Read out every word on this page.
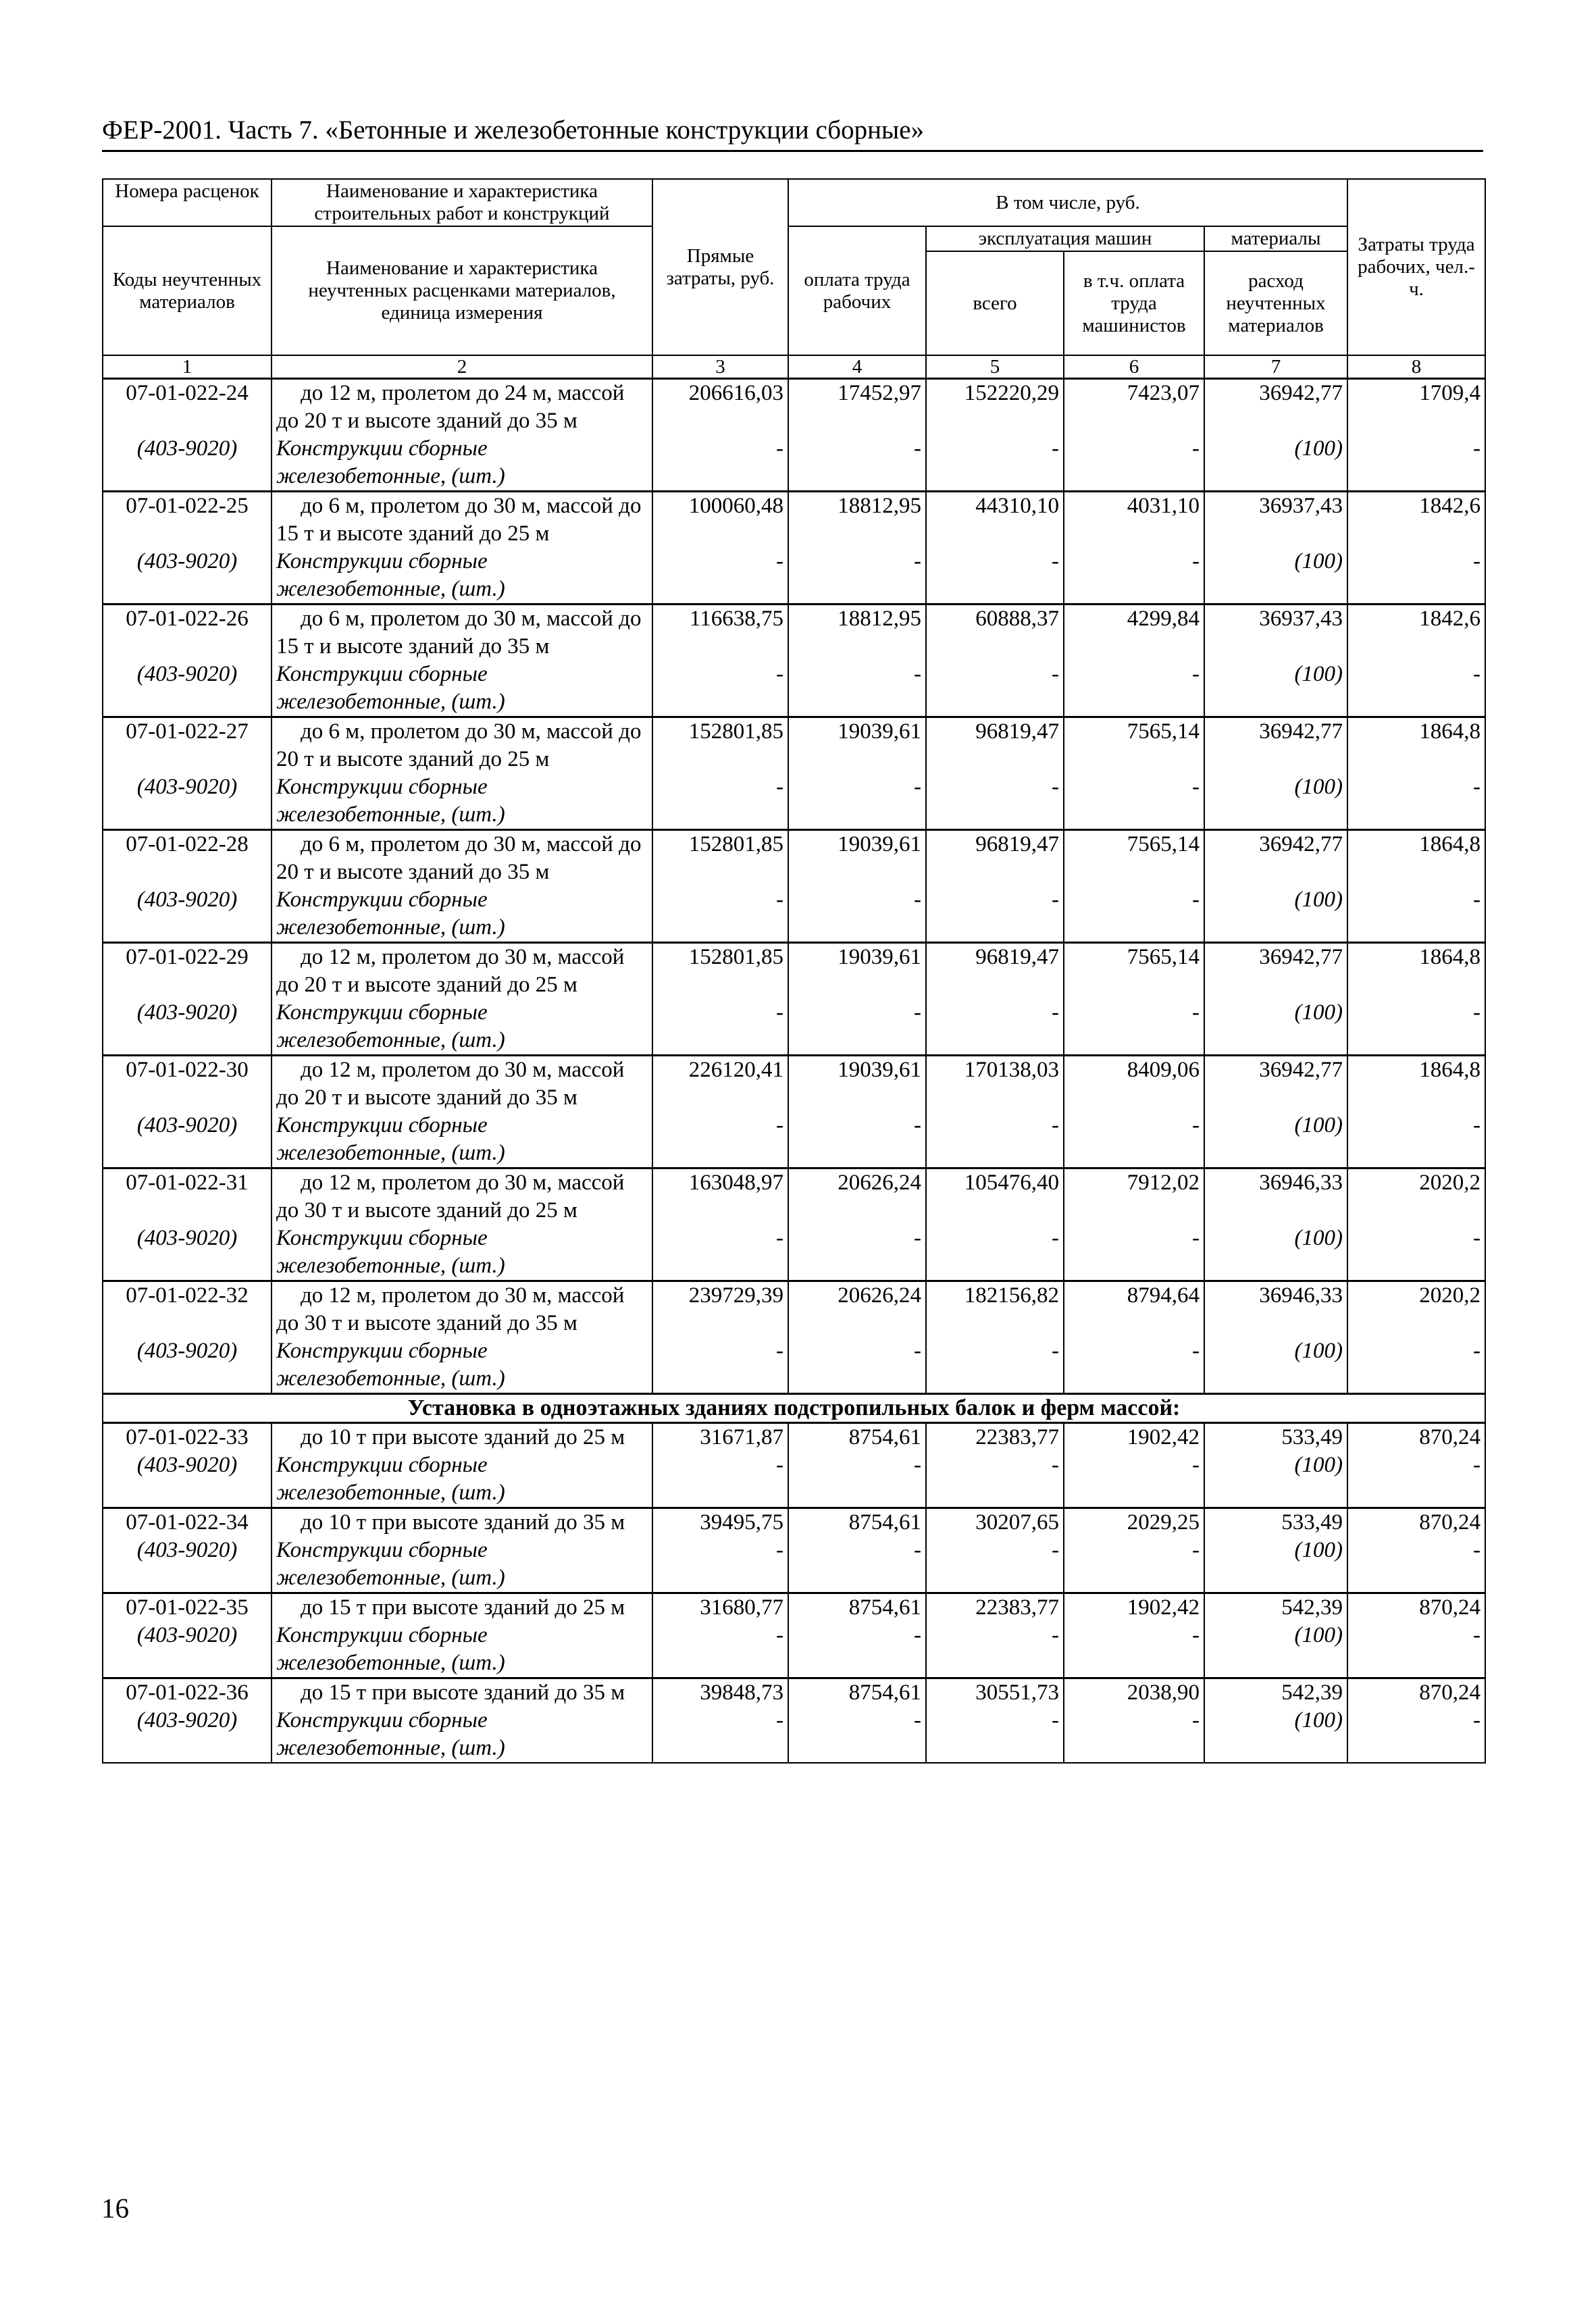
ФЕР-2001. Часть 7. «Бетонные и железобетонные конструкции сборные»
Номера расценок	Наименование и характеристика строительных работ и конструкций	Прямые затраты, руб.	В том числе, руб.				Затраты труда рабочих, чел.-ч.
Коды неучтенных материалов	Наименование и характеристика неучтенных расценками материалов, единица измерения		оплата труда рабочих	эксплуатация машин		материалы	
				всего	в т.ч. оплата труда машинистов	расход неучтенных материалов	
1	2	3	4	5	6	7	8
07-01-022-24	до 12 м, пролетом до 24 м, массой до 20 т и высоте зданий до 35 м	206616,03	17452,97	152220,29	7423,07	36942,77	1709,4
(403-9020)	Конструкции сборные железобетонные, (шт.)	-	-	-	-	(100)	-
07-01-022-25	до 6 м, пролетом до 30 м, массой до 15 т и высоте зданий до 25 м	100060,48	18812,95	44310,10	4031,10	36937,43	1842,6
(403-9020)	Конструкции сборные железобетонные, (шт.)	-	-	-	-	(100)	-
07-01-022-26	до 6 м, пролетом до 30 м, массой до 15 т и высоте зданий до 35 м	116638,75	18812,95	60888,37	4299,84	36937,43	1842,6
(403-9020)	Конструкции сборные железобетонные, (шт.)	-	-	-	-	(100)	-
07-01-022-27	до 6 м, пролетом до 30 м, массой до 20 т и высоте зданий до 25 м	152801,85	19039,61	96819,47	7565,14	36942,77	1864,8
(403-9020)	Конструкции сборные железобетонные, (шт.)	-	-	-	-	(100)	-
07-01-022-28	до 6 м, пролетом до 30 м, массой до 20 т и высоте зданий до 35 м	152801,85	19039,61	96819,47	7565,14	36942,77	1864,8
(403-9020)	Конструкции сборные железобетонные, (шт.)	-	-	-	-	(100)	-
07-01-022-29	до 12 м, пролетом до 30 м, массой до 20 т и высоте зданий до 25 м	152801,85	19039,61	96819,47	7565,14	36942,77	1864,8
(403-9020)	Конструкции сборные железобетонные, (шт.)	-	-	-	-	(100)	-
07-01-022-30	до 12 м, пролетом до 30 м, массой до 20 т и высоте зданий до 35 м	226120,41	19039,61	170138,03	8409,06	36942,77	1864,8
(403-9020)	Конструкции сборные железобетонные, (шт.)	-	-	-	-	(100)	-
07-01-022-31	до 12 м, пролетом до 30 м, массой до 30 т и высоте зданий до 25 м	163048,97	20626,24	105476,40	7912,02	36946,33	2020,2
(403-9020)	Конструкции сборные железобетонные, (шт.)	-	-	-	-	(100)	-
07-01-022-32	до 12 м, пролетом до 30 м, массой до 30 т и высоте зданий до 35 м	239729,39	20626,24	182156,82	8794,64	36946,33	2020,2
(403-9020)	Конструкции сборные железобетонные, (шт.)	-	-	-	-	(100)	-
Установка в одноэтажных зданиях подстропильных балок и ферм массой:							
07-01-022-33	до 10 т при высоте зданий до 25 м	31671,87	8754,61	22383,77	1902,42	533,49	870,24
(403-9020)	Конструкции сборные железобетонные, (шт.)	-	-	-	-	(100)	-
07-01-022-34	до 10 т при высоте зданий до 35 м	39495,75	8754,61	30207,65	2029,25	533,49	870,24
(403-9020)	Конструкции сборные железобетонные, (шт.)	-	-	-	-	(100)	-
07-01-022-35	до 15 т при высоте зданий до 25 м	31680,77	8754,61	22383,77	1902,42	542,39	870,24
(403-9020)	Конструкции сборные железобетонные, (шт.)	-	-	-	-	(100)	-
07-01-022-36	до 15 т при высоте зданий до 35 м	39848,73	8754,61	30551,73	2038,90	542,39	870,24
(403-9020)	Конструкции сборные железобетонные, (шт.)	-	-	-	-	(100)	-
16
